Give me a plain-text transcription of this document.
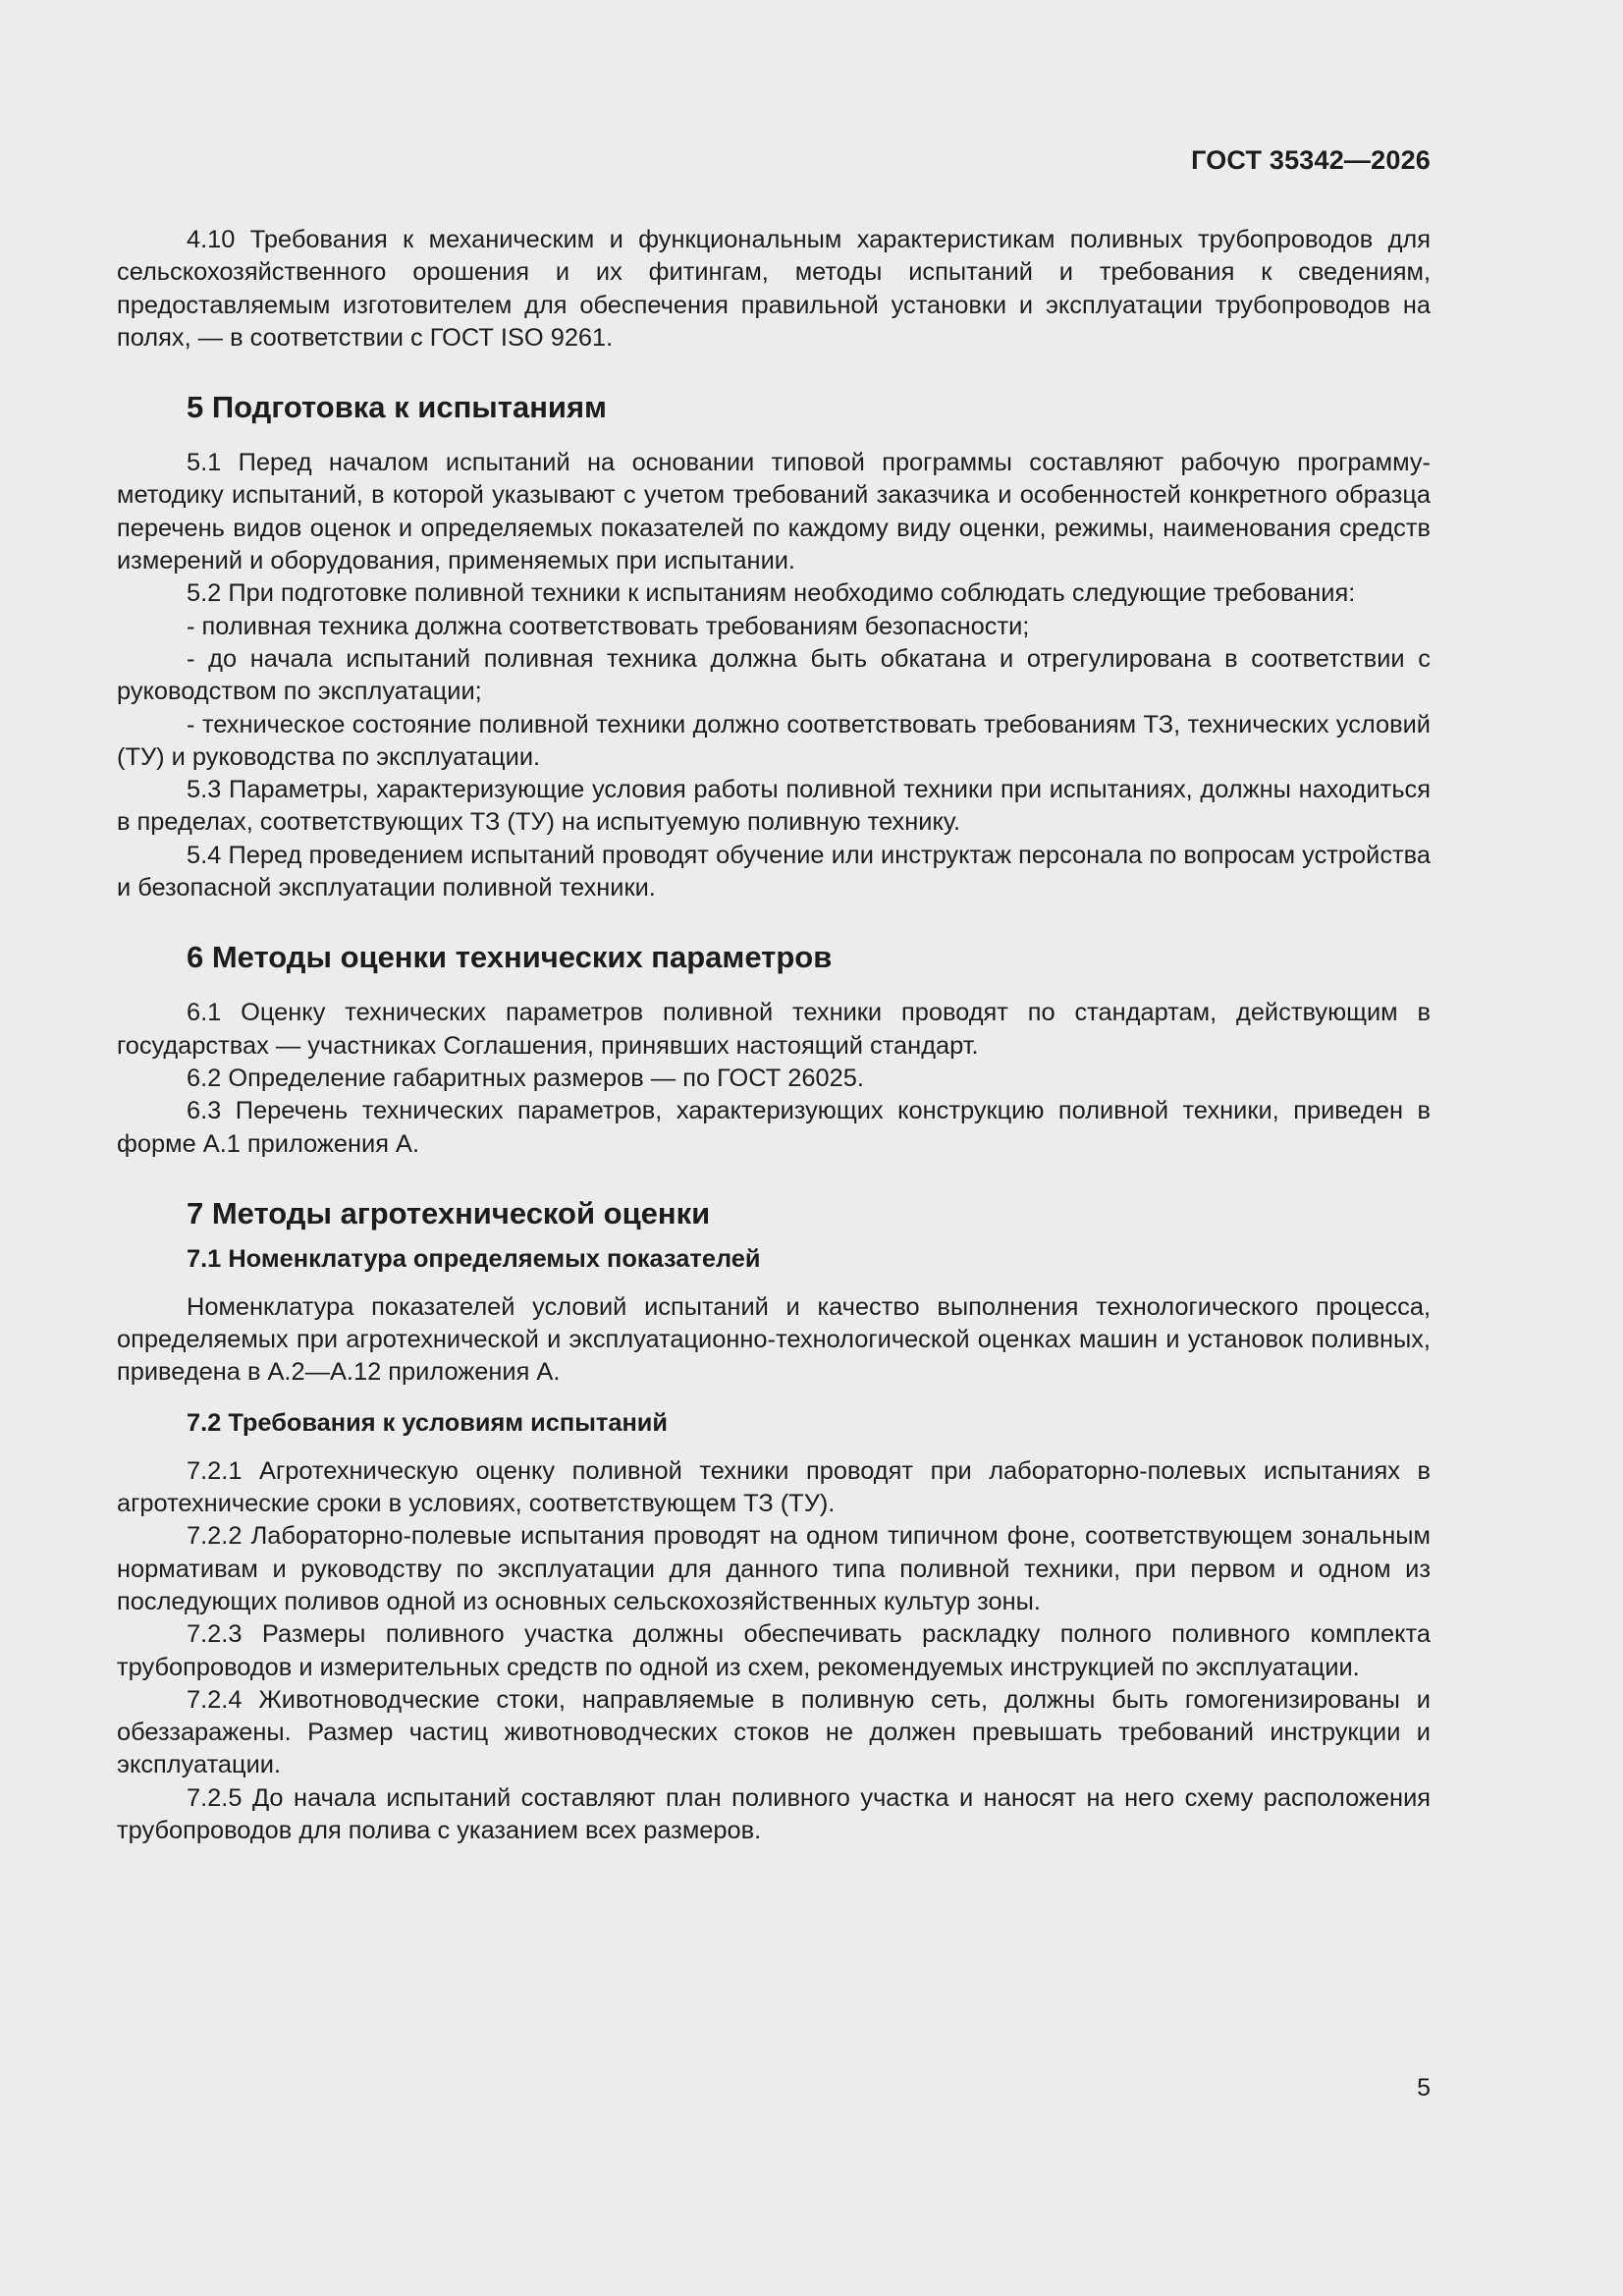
ГОСТ 35342—2026

4.10 Требования к механическим и функциональным характеристикам поливных трубопроводов для сельскохозяйственного орошения и их фитингам, методы испытаний и требования к сведениям, предоставляемым изготовителем для обеспечения правильной установки и эксплуатации трубопроводов на полях, — в соответствии с ГОСТ ISO 9261.

5 Подготовка к испытаниям

5.1 Перед началом испытаний на основании типовой программы составляют рабочую программу-методику испытаний, в которой указывают с учетом требований заказчика и особенностей конкретного образца перечень видов оценок и определяемых показателей по каждому виду оценки, режимы, наименования средств измерений и оборудования, применяемых при испытании.

5.2 При подготовке поливной техники к испытаниям необходимо соблюдать следующие требования:

- поливная техника должна соответствовать требованиям безопасности;

- до начала испытаний поливная техника должна быть обкатана и отрегулирована в соответствии с руководством по эксплуатации;

- техническое состояние поливной техники должно соответствовать требованиям ТЗ, технических условий (ТУ) и руководства по эксплуатации.

5.3 Параметры, характеризующие условия работы поливной техники при испытаниях, должны находиться в пределах, соответствующих ТЗ (ТУ) на испытуемую поливную технику.

5.4 Перед проведением испытаний проводят обучение или инструктаж персонала по вопросам устройства и безопасной эксплуатации поливной техники.

6 Методы оценки технических параметров

6.1 Оценку технических параметров поливной техники проводят по стандартам, действующим в государствах — участниках Соглашения, принявших настоящий стандарт.

6.2 Определение габаритных размеров — по ГОСТ 26025.

6.3 Перечень технических параметров, характеризующих конструкцию поливной техники, приведен в форме А.1 приложения А.

7 Методы агротехнической оценки
7.1 Номенклатура определяемых показателей

Номенклатура показателей условий испытаний и качество выполнения технологического процесса, определяемых при агротехнической и эксплуатационно-технологической оценках машин и установок поливных, приведена в А.2—А.12 приложения А.

7.2 Требования к условиям испытаний

7.2.1 Агротехническую оценку поливной техники проводят при лабораторно-полевых испытаниях в агротехнические сроки в условиях, соответствующем ТЗ (ТУ).

7.2.2 Лабораторно-полевые испытания проводят на одном типичном фоне, соответствующем зональным нормативам и руководству по эксплуатации для данного типа поливной техники, при первом и одном из последующих поливов одной из основных сельскохозяйственных культур зоны.

7.2.3 Размеры поливного участка должны обеспечивать раскладку полного поливного комплекта трубопроводов и измерительных средств по одной из схем, рекомендуемых инструкцией по эксплуатации.

7.2.4 Животноводческие стоки, направляемые в поливную сеть, должны быть гомогенизированы и обеззаражены. Размер частиц животноводческих стоков не должен превышать требований инструкции и эксплуатации.

7.2.5 До начала испытаний составляют план поливного участка и наносят на него схему расположения трубопроводов для полива с указанием всех размеров.

5
